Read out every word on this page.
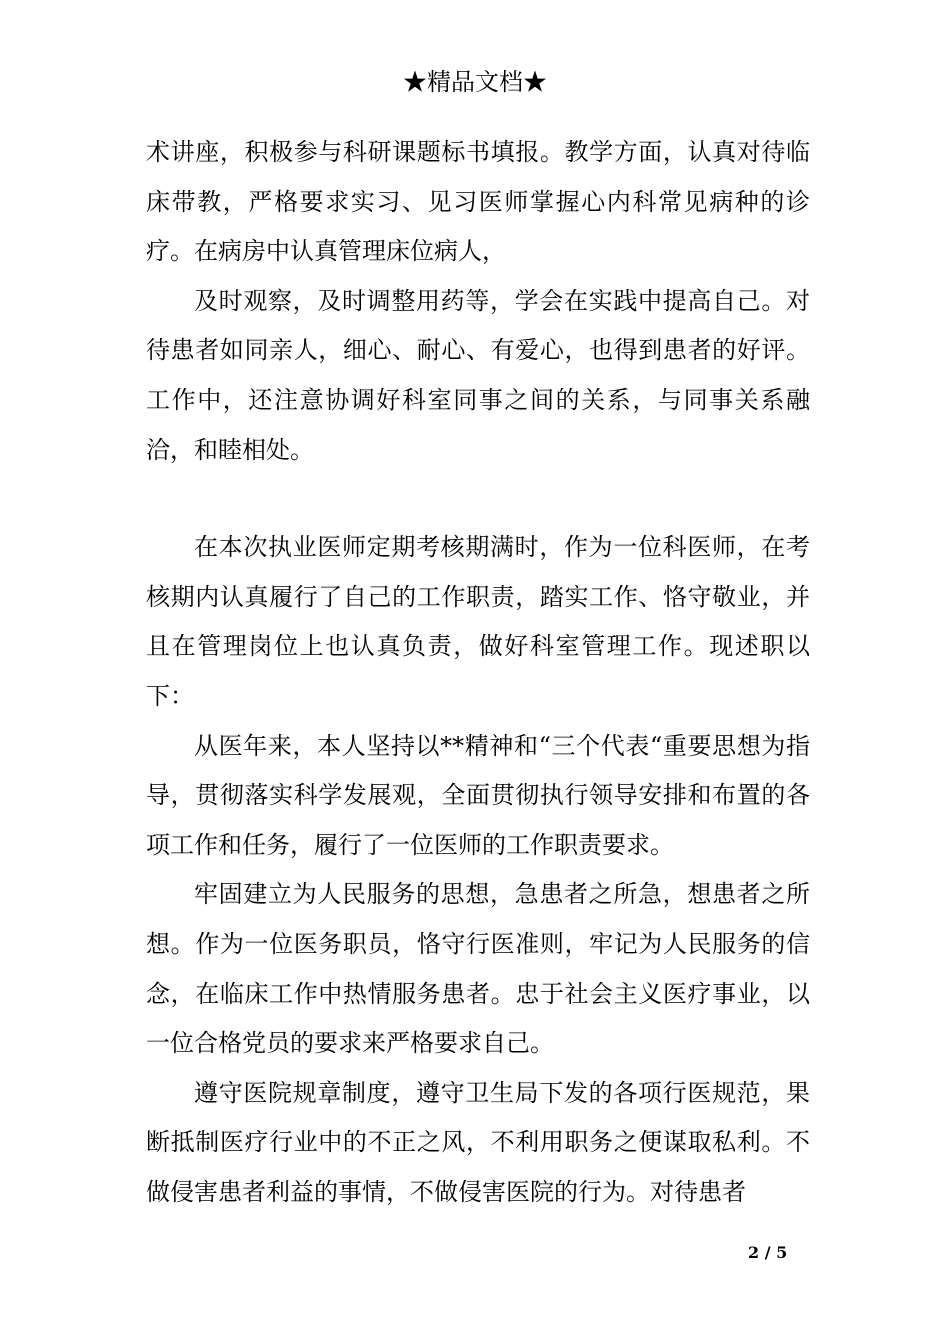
★精品文档★

术讲座，积极参与科研课题标书填报。教学方面，认真对待临床带教，严格要求实习、见习医师掌握心内科常见病种的诊疗。在病房中认真管理床位病人，

及时观察，及时调整用药等，学会在实践中提高自己。对待患者如同亲人，细心、耐心、有爱心，也得到患者的好评。工作中，还注意协调好科室同事之间的关系，与同事关系融洽，和睦相处。

在本次执业医师定期考核期满时，作为一位科医师，在考核期内认真履行了自己的工作职责，踏实工作、恪守敬业，并且在管理岗位上也认真负责，做好科室管理工作。现述职以下：

从医年来，本人坚持以**精神和“三个代表“重要思想为指导，贯彻落实科学发展观，全面贯彻执行领导安排和布置的各项工作和任务，履行了一位医师的工作职责要求。

牢固建立为人民服务的思想，急患者之所急，想患者之所想。作为一位医务职员，恪守行医准则，牢记为人民服务的信念，在临床工作中热情服务患者。忠于社会主义医疗事业，以一位合格党员的要求来严格要求自己。

遵守医院规章制度，遵守卫生局下发的各项行医规范，果断抵制医疗行业中的不正之风，不利用职务之便谋取私利。不做侵害患者利益的事情，不做侵害医院的行为。对待患者

2 / 5
